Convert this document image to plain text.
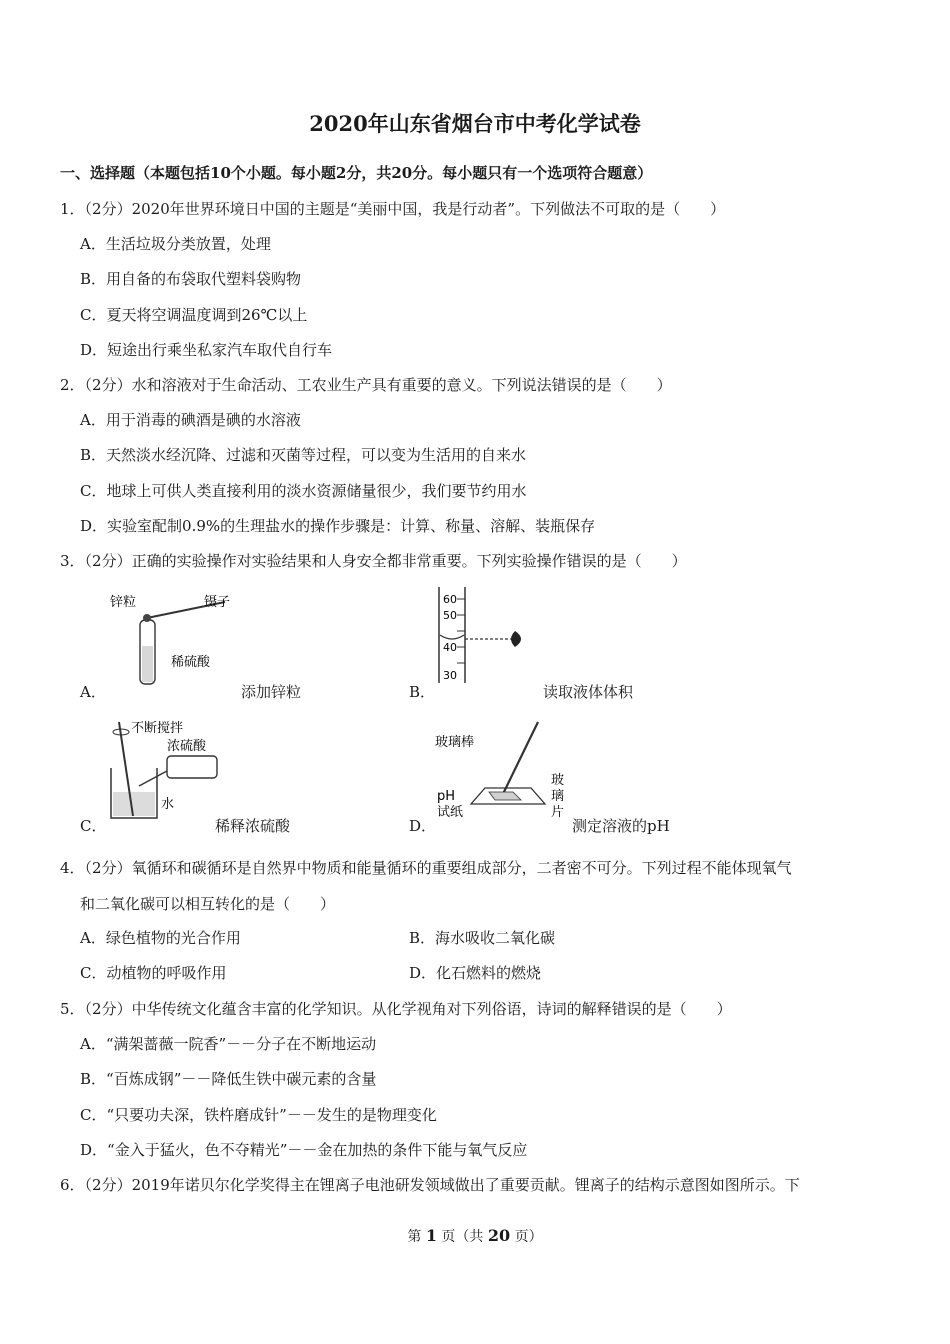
2020年山东省烟台市中考化学试卷
一、选择题（本题包括10个小题。每小题2分，共20分。每小题只有一个选项符合题意）
1．（2分）2020年世界环境日中国的主题是“美丽中国，我是行动者”。下列做法不可取的是（　　）
A．生活垃圾分类放置，处理
B．用自备的布袋取代塑料袋购物
C．夏天将空调温度调到26℃以上
D．短途出行乘坐私家汽车取代自行车
2．（2分）水和溶液对于生命活动、工农业生产具有重要的意义。下列说法错误的是（　　）
A．用于消毒的碘酒是碘的水溶液
B．天然淡水经沉降、过滤和灭菌等过程，可以变为生活用的自来水
C．地球上可供人类直接利用的淡水资源储量很少，我们要节约用水
D．实验室配制0.9%的生理盐水的操作步骤是：计算、称量、溶解、装瓶保存
3．（2分）正确的实验操作对实验结果和人身安全都非常重要。下列实验操作错误的是（　　）
锌粒	镊子
稀硫酸
A．	添加锌粒
60
50
40
30
B．	读取液体体积
不断搅拌
浓硫酸
水
C．	稀释浓硫酸
玻璃棒
pH
试纸
玻
璃
片
D．	测定溶液的pH
4．（2分）氧循环和碳循环是自然界中物质和能量循环的重要组成部分，二者密不可分。下列过程不能体现氧气
和二氧化碳可以相互转化的是（　　）
A．绿色植物的光合作用	B．海水吸收二氧化碳
C．动植物的呼吸作用	D．化石燃料的燃烧
5．（2分）中华传统文化蕴含丰富的化学知识。从化学视角对下列俗语，诗词的解释错误的是（　　）
A．“满架蔷薇一院香”－－分子在不断地运动
B．“百炼成钢”－－降低生铁中碳元素的含量
C．“只要功夫深，铁杵磨成针”－－发生的是物理变化
D．“金入于猛火，色不夺精光”－－金在加热的条件下能与氧气反应
6．（2分）2019年诺贝尔化学奖得主在锂离子电池研发领域做出了重要贡献。锂离子的结构示意图如图所示。下
第 1 页（共 20 页）
